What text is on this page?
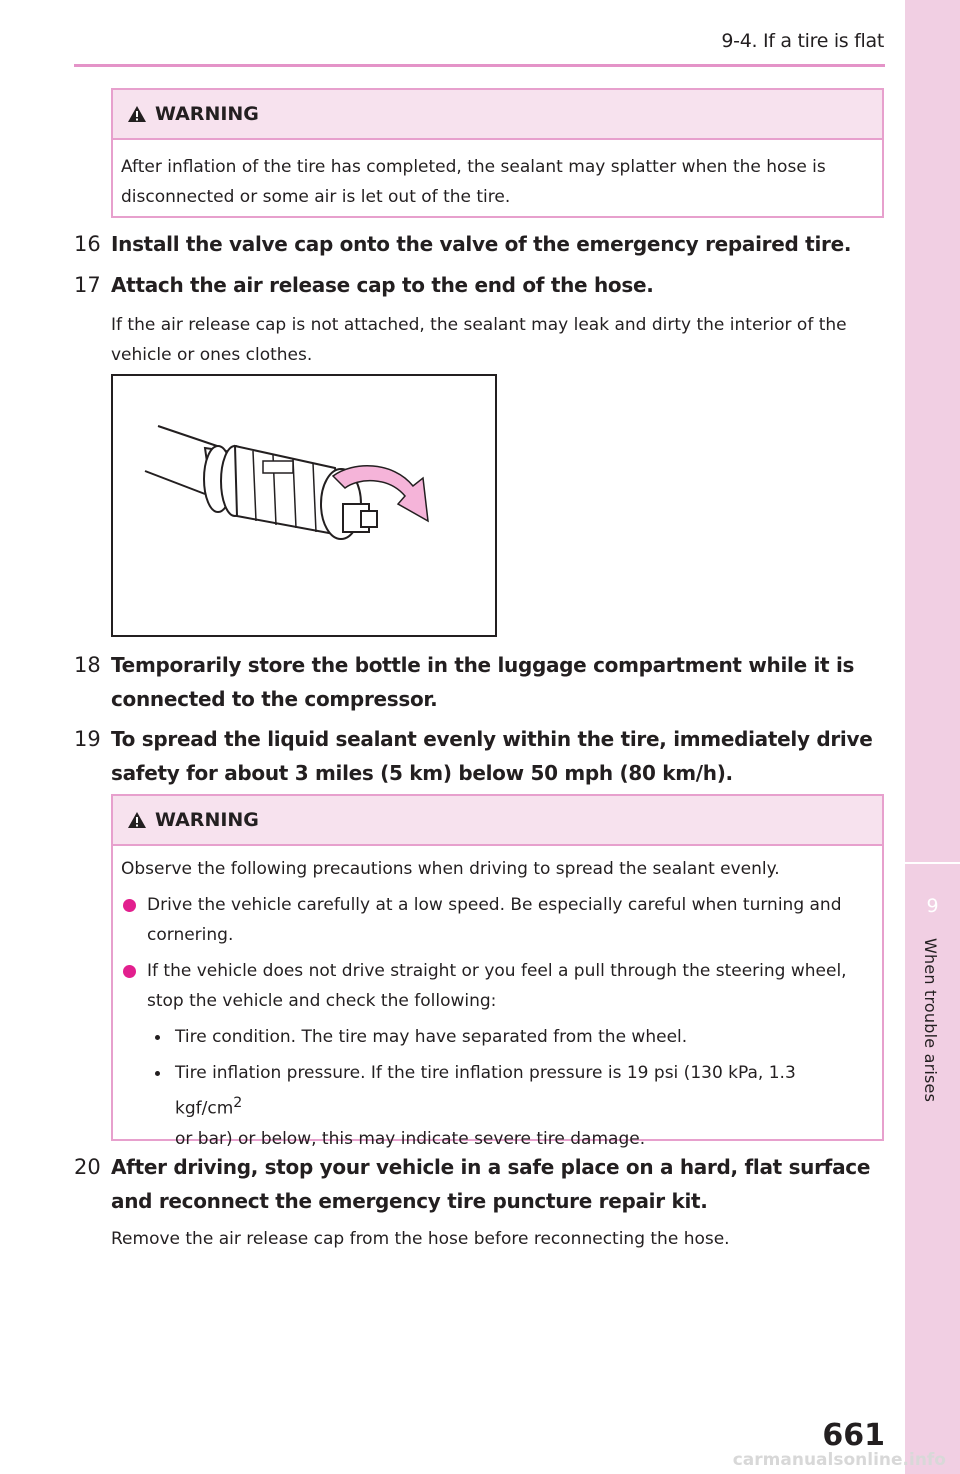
9-4. If a tire is flat
9
When trouble arises
WARNING
After inflation of the tire has completed, the sealant may splatter when the hose is disconnected or some air is let out of the tire.
16 Install the valve cap onto the valve of the emergency repaired tire.
17 Attach the air release cap to the end of the hose.
If the air release cap is not attached, the sealant may leak and dirty the interior of the vehicle or ones clothes.
18 Temporarily store the bottle in the luggage compartment while it is connected to the compressor.
19 To spread the liquid sealant evenly within the tire, immediately drive safety for about 3 miles (5 km) below 50 mph (80 km/h).
WARNING
Observe the following precautions when driving to spread the sealant evenly.
Drive the vehicle carefully at a low speed. Be especially careful when turning and cornering.
If the vehicle does not drive straight or you feel a pull through the steering wheel, stop the vehicle and check the following:
Tire condition. The tire may have separated from the wheel.
Tire inflation pressure. If the tire inflation pressure is 19 psi (130 kPa, 1.3 kgf/$cm^2$
or bar) or below, this may indicate severe tire damage.
20 After driving, stop your vehicle in a safe place on a hard, flat surface and reconnect the emergency tire puncture repair kit.
Remove the air release cap from the hose before reconnecting the hose.
661
carmanualsonline.info
